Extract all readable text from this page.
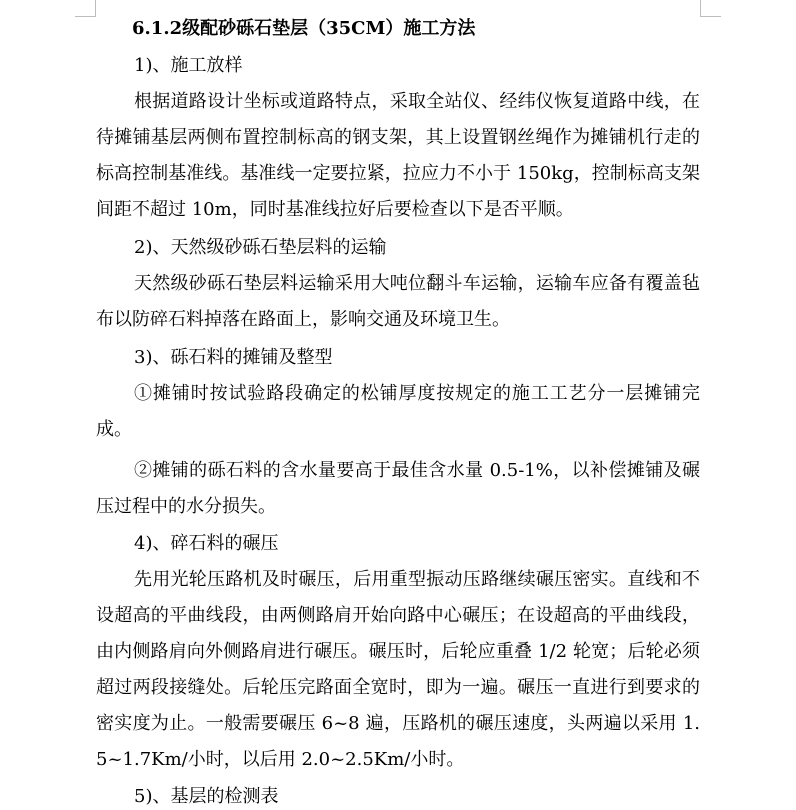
6.1.2级配砂砾石垫层（35CM）施工方法
1)、施工放样
根据道路设计坐标或道路特点，采取全站仪、经纬仪恢复道路中线，在待摊铺基层两侧布置控制标高的钢支架，其上设置钢丝绳作为摊铺机行走的标高控制基准线。基准线一定要拉紧，拉应力不小于 150kg，控制标高支架间距不超过 10m，同时基准线拉好后要检查以下是否平顺。
2)、天然级砂砾石垫层料的运输
天然级砂砾石垫层料运输采用大吨位翻斗车运输，运输车应备有覆盖毡布以防碎石料掉落在路面上，影响交通及环境卫生。
3)、砾石料的摊铺及整型
①摊铺时按试验路段确定的松铺厚度按规定的施工工艺分一层摊铺完成。
②摊铺的砾石料的含水量要高于最佳含水量 0.5-1%，以补偿摊铺及碾压过程中的水分损失。
4)、碎石料的碾压
先用光轮压路机及时碾压，后用重型振动压路继续碾压密实。直线和不设超高的平曲线段，由两侧路肩开始向路中心碾压；在设超高的平曲线段，由内侧路肩向外侧路肩进行碾压。碾压时，后轮应重叠 1/2 轮宽；后轮必须超过两段接缝处。后轮压完路面全宽时，即为一遍。碾压一直进行到要求的密实度为止。一般需要碾压 6~8 遍，压路机的碾压速度，头两遍以采用 1.5~1.7Km/小时，以后用 2.0~2.5Km/小时。
5)、基层的检测表
